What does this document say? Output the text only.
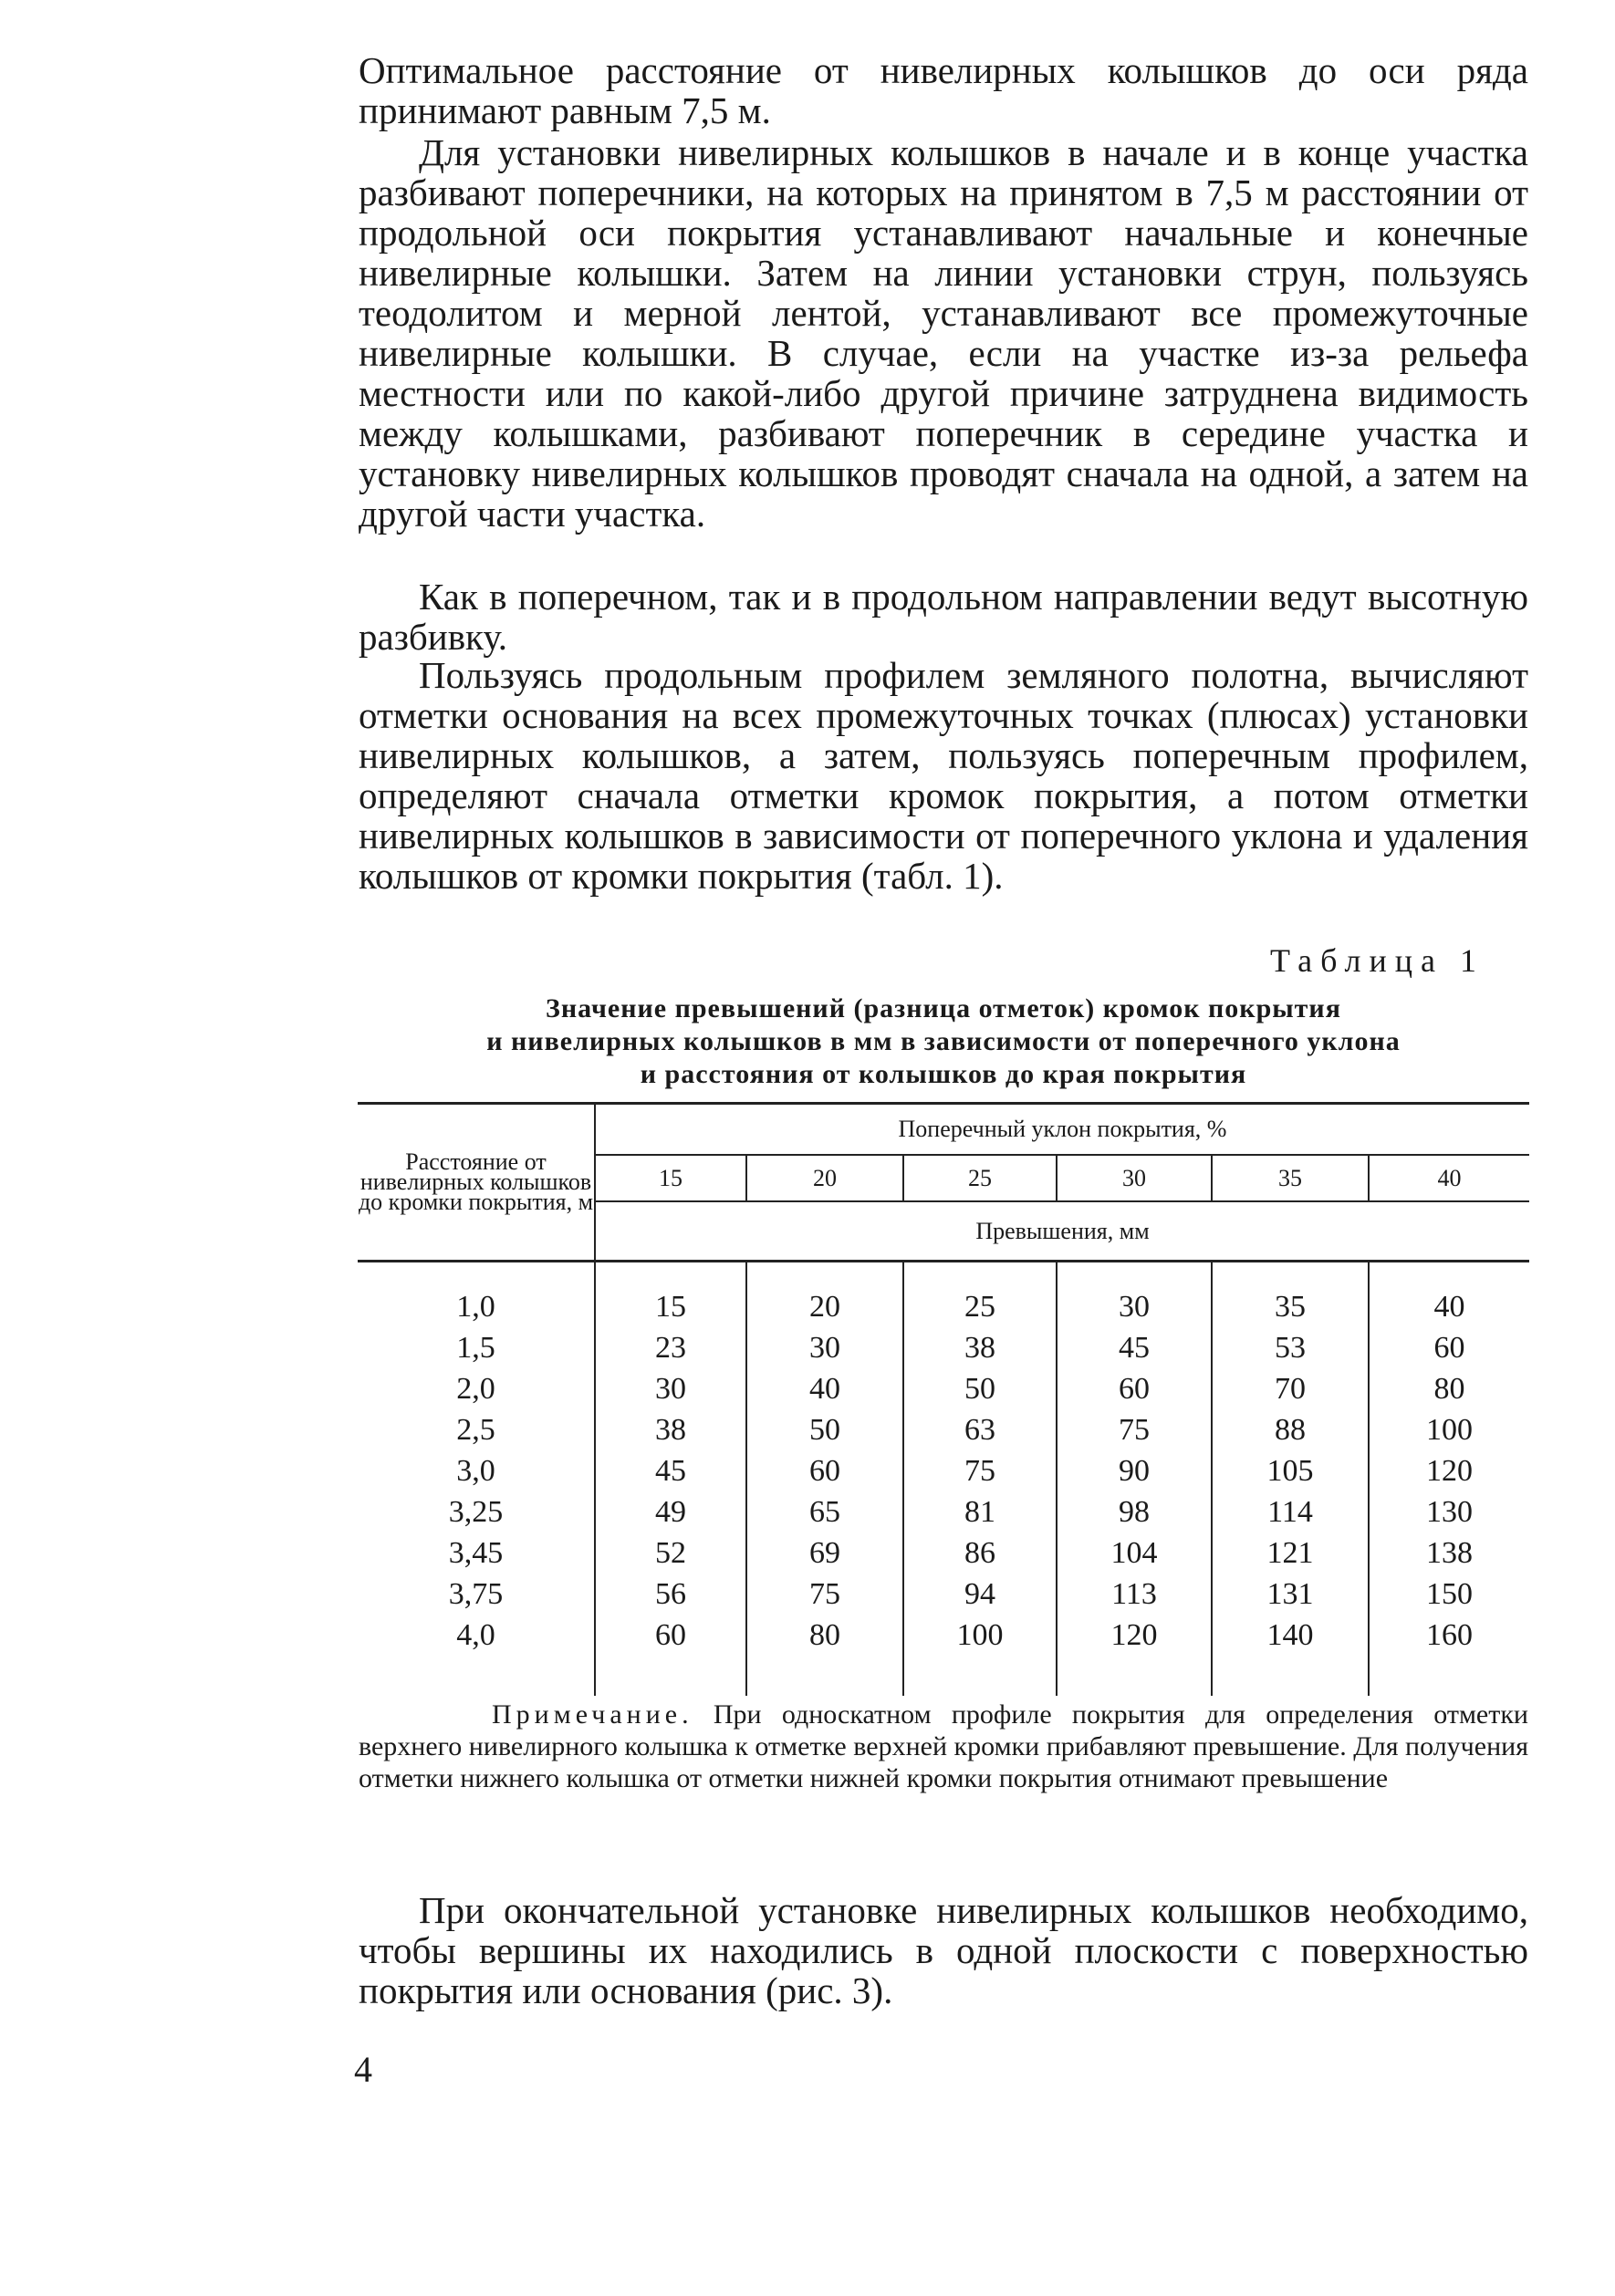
Оптимальное расстояние от нивелирных колышков до оси ряда принимают равным 7,5 м.

Для установки нивелирных колышков в начале и в конце участка разбивают поперечники, на которых на принятом в 7,5 м расстоянии от продольной оси покрытия устанавливают начальные и конечные нивелирные колышки. Затем на линии установки струн, пользуясь теодолитом и мерной лентой, устанавливают все промежуточные нивелирные колышки. В случае, если на участке из-за рельефа местности или по какой-либо другой причине затруднена видимость между колышками, разбивают поперечник в середине участка и установку нивелирных колышков проводят сначала на одной, а затем на другой части участка.

Как в поперечном, так и в продольном направлении ведут высотную разбивку.

Пользуясь продольным профилем земляного полотна, вычисляют отметки основания на всех промежуточных точках (плюсах) установки нивелирных колышков, а затем, пользуясь поперечным профилем, определяют сначала отметки кромок покрытия, а потом отметки нивелирных колышков в зависимости от поперечного уклона и удаления колышков от кромки покрытия (табл. 1).

Таблица 1

Значение превышений (разница отметок) кромок покрытия
и нивелирных колышков в мм в зависимости от поперечного уклона
и расстояния от колышков до края покрытия
Расстояние от нивелирных колышков до кромки покрытия, м	Поперечный уклон покрытия, %					
	15	20	25	30	35	40
	Превышения, мм					

1,0	15	20	25	30	35	40
1,5	23	30	38	45	53	60
2,0	30	40	50	60	70	80
2,5	38	50	63	75	88	100
3,0	45	60	75	90	105	120
3,25	49	65	81	98	114	130
3,45	52	69	86	104	121	138
3,75	56	75	94	113	131	150
4,0	60	80	100	120	140	160

Примечание. При односкатном профиле покрытия для определения отметки верхнего нивелирного колышка к отметке верхней кромки прибавляют превышение. Для получения отметки нижнего колышка от отметки нижней кромки покрытия отнимают превышение

При окончательной установке нивелирных колышков необходимо, чтобы вершины их находились в одной плоскости с поверхностью покрытия или основания (рис. 3).

4
